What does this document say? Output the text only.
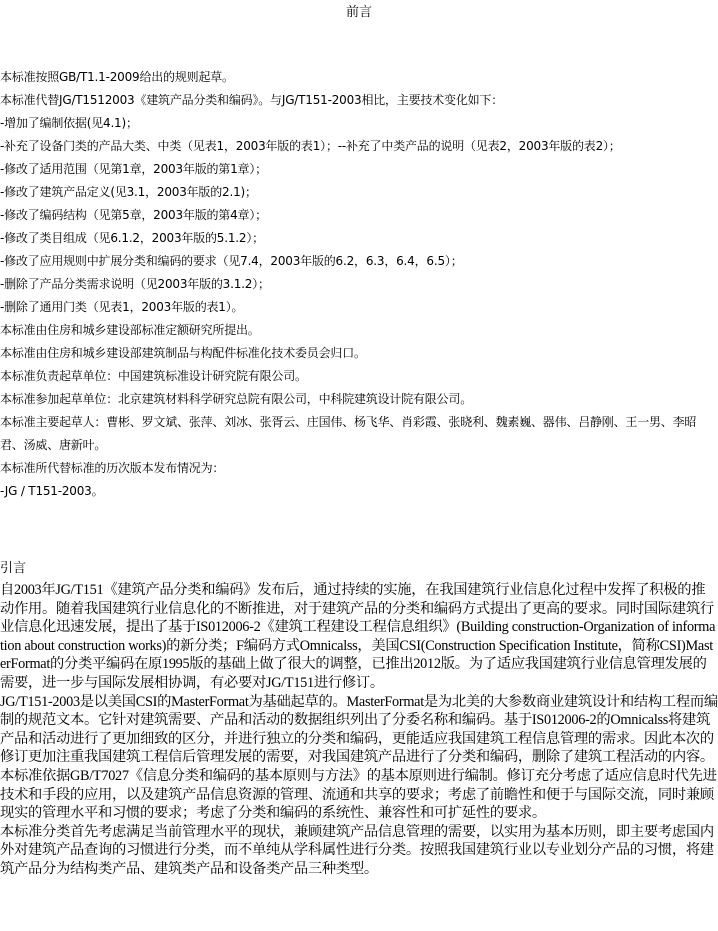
前言

本标准按照GB/T1.1-2009给出的规则起草。

本标准代替JG/T1512003《建筑产品分类和编码》。与JG/T151-2003相比，主要技术变化如下：

-增加了编制依据(见4.1)；

-补充了设备门类的产品大类、中类（见表1，2003年版的表1）；--补充了中类产品的说明（见表2，2003年版的表2）；

-修改了适用范围（见第1章，2003年版的第1章）；

-修改了建筑产品定义(见3.1，2003年版的2.1)；

-修改了编码结构（见第5章，2003年版的第4章）；

-修改了类目组成（见6.1.2，2003年版的5.1.2）；

-修改了应用规则中扩展分类和编码的要求（见7.4，2003年版的6.2，6.3，6.4，6.5）；

-删除了产品分类需求说明（见2003年版的3.1.2）；

-删除了通用门类（见表1，2003年版的表1）。

本标准由住房和城乡建设部标准定额研究所提出。

本标准由住房和城乡建设部建筑制品与构配件标准化技术委员会归口。

本标准负责起草单位：中国建筑标准设计研究院有限公司。

本标准参加起草单位：北京建筑材料科学研究总院有限公司，中科院建筑设计院有限公司。

本标准主要起草人：曹彬、罗文斌、张萍、刘冰、张胥云、庄国伟、杨飞华、肖彩霞、张晓利、魏素巍、器伟、吕静刚、王一男、李昭君、汤威、唐新叶。

本标准所代替标准的历次版本发布情况为：

-JG / T151-2003。

引言

自2003年JG/T151《建筑产品分类和编码》发布后，通过持续的实施，在我国建筑行业信息化过程中发挥了积极的推动作用。随着我国建筑行业信息化的不断推进，对于建筑产品的分类和编码方式提出了更高的要求。同时国际建筑行业信息化迅速发展，提出了基于IS012006-2《建筑工程建设工程信息组织》(Building construction-Organization of information about construction works)的新分类；F编码方式Omnicalss，美国CSI(Construction Specification Institute，简称CSI)MasterFormat的分类平编码在原1995版的基础上做了很大的调整，已推出2012版。为了适应我国建筑行业信息管理发展的需要，进一步与国际发展相协调，有必要对JG/T151进行修订。

JG/T151-2003是以美国CSI的MasterFormat为基础起草的。MasterFormat是为北美的大参数商业建筑设计和结构工程而编制的规范文本。它针对建筑需要、产品和活动的数据组织列出了分委名称和编码。基于IS012006-2的Omnicalss将建筑产品和活动进行了更加细致的区分，并进行独立的分类和编码，更能适应我国建筑工程信息管理的需求。因此本次的修订更加注重我国建筑工程信后管理发展的需要，对我国建筑产品进行了分类和编码，删除了建筑工程活动的内容。

本标准依据GB/T7027《信息分类和编码的基本原则与方法》的基本原则进行编制。修订充分考虑了适应信息时代先进技术和手段的应用，以及建筑产品信息资源的管理、流通和共享的要求；考虑了前瞻性和便于与国际交流，同时兼顾现实的管理水平和习惯的要求；考虑了分类和编码的系统性、兼容性和可扩延性的要求。

本标准分类首先考虑满足当前管理水平的现状，兼顾建筑产品信息管理的需要，以实用为基本历则，即主要考虑国内外对建筑产品查询的习惯进行分类，而不单纯从学科属性进行分类。按照我国建筑行业以专业划分产品的习惯，将建筑产品分为结构类产品、建筑类产品和设备类产品三种类型。
